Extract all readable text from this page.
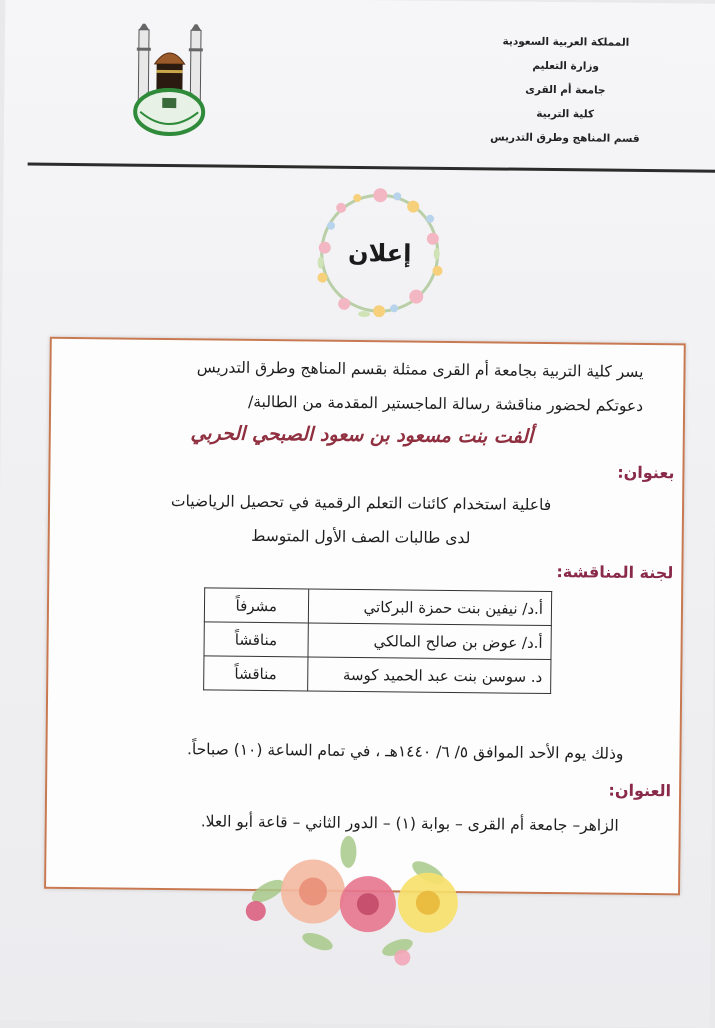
المملكة العربية السعودية
وزارة التعليم
جامعة أم القرى
كلية التربية
قسم المناهج وطرق التدريس
إعلان
يسر كلية التربية بجامعة أم القرى ممثلة بقسم المناهج وطرق التدريس
دعوتكم لحضور مناقشة رسالة الماجستير المقدمة من الطالبة/
ألفت بنت مسعود بن سعود الصبحي الحربي
بعنوان:
فاعلية استخدام كائنات التعلم الرقمية في تحصيل الرياضيات
لدى طالبات الصف الأول المتوسط
لجنة المناقشة:
أ.د/ نيفين بنت حمزة البركاتي	مشرفاً
أ.د/ عوض بن صالح المالكي	مناقشاً
د. سوسن بنت عبد الحميد كوسة	مناقشاً
وذلك يوم الأحد الموافق ٥/ ٦/ ١٤٤٠هـ ، في تمام الساعة (١٠) صباحاً.
العنوان:
الزاهر– جامعة أم القرى – بوابة (١) – الدور الثاني – قاعة أبو العلا.
